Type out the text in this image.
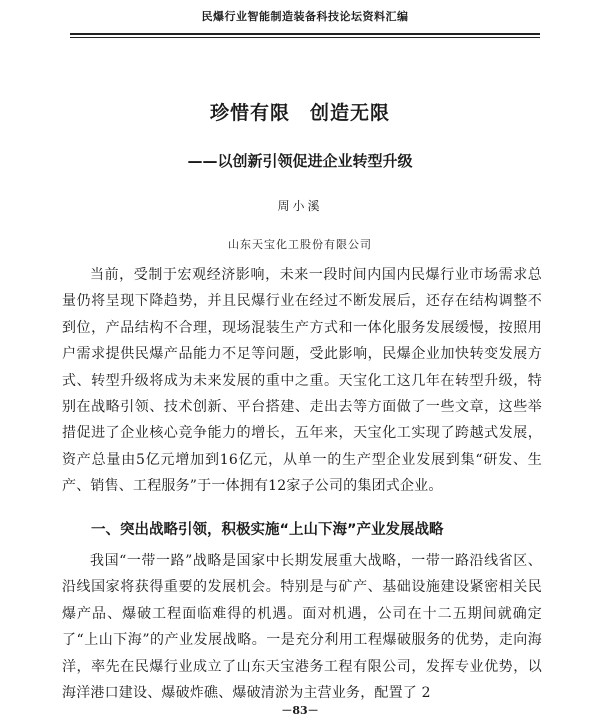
民爆行业智能制造装备科技论坛资料汇编
珍惜有限　创造无限
——以创新引领促进企业转型升级
周小溪
山东天宝化工股份有限公司

当前，受制于宏观经济影响，未来一段时间内国内民爆行业市场需求总量仍将呈现下降趋势，并且民爆行业在经过不断发展后，还存在结构调整不到位，产品结构不合理，现场混装生产方式和一体化服务发展缓慢，按照用户需求提供民爆产品能力不足等问题，受此影响，民爆企业加快转变发展方式、转型升级将成为未来发展的重中之重。天宝化工这几年在转型升级，特别在战略引领、技术创新、平台搭建、走出去等方面做了一些文章，这些举措促进了企业核心竞争能力的增长，五年来，天宝化工实现了跨越式发展，资产总量由5亿元增加到16亿元，从单一的生产型企业发展到集“研发、生产、销售、工程服务”于一体拥有12家子公司的集团式企业。

一、突出战略引领，积极实施“上山下海”产业发展战略

我国“一带一路”战略是国家中长期发展重大战略，一带一路沿线省区、沿线国家将获得重要的发展机会。特别是与矿产、基础设施建设紧密相关民爆产品、爆破工程面临难得的机遇。面对机遇，公司在十二五期间就确定了“上山下海”的产业发展战略。一是充分利用工程爆破服务的优势，走向海洋，率先在民爆行业成立了山东天宝港务工程有限公司，发挥专业优势，以海洋港口建设、爆破炸礁、爆破清淤为主营业务，配置了 2

－83－
